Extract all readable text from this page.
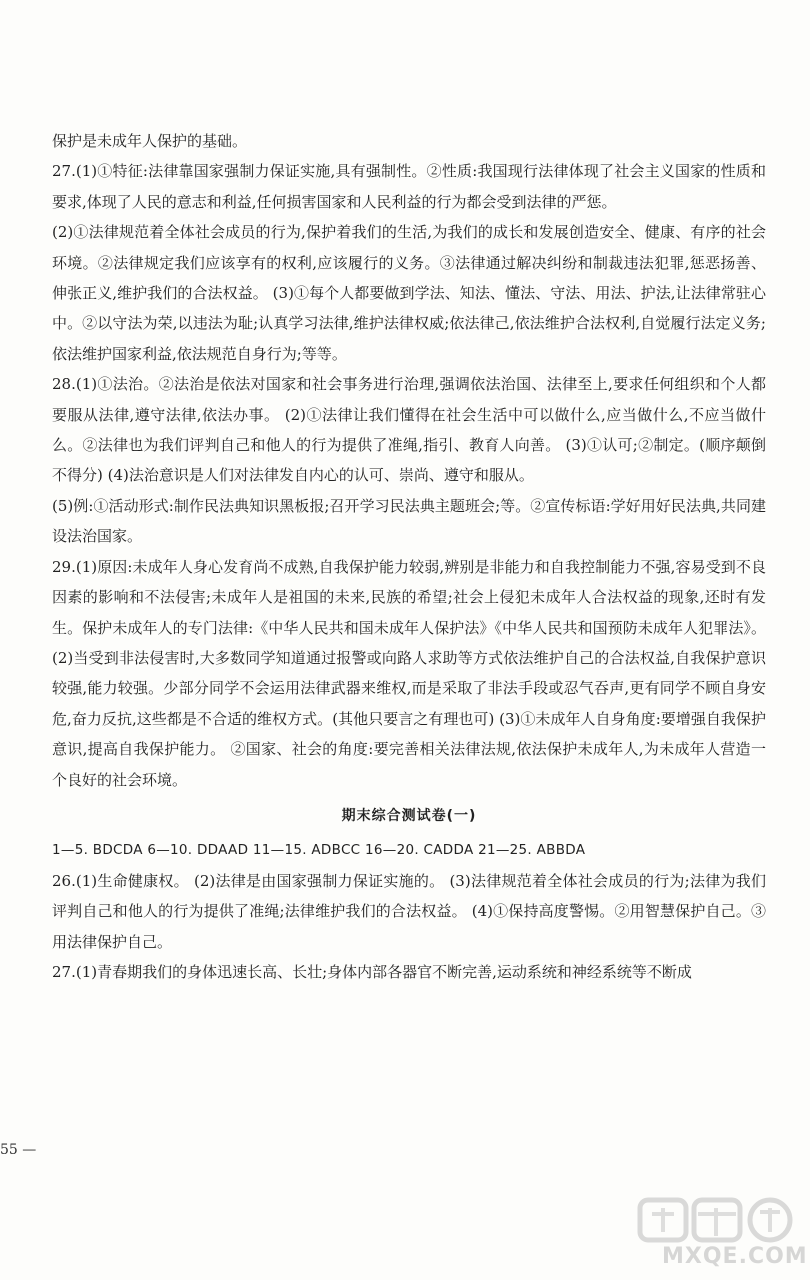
保护是未成年人保护的基础。

27.(1)①特征:法律靠国家强制力保证实施,具有强制性。②性质:我国现行法律体现了社会主义国家的性质和要求,体现了人民的意志和利益,任何损害国家和人民利益的行为都会受到法律的严惩。

(2)①法律规范着全体社会成员的行为,保护着我们的生活,为我们的成长和发展创造安全、健康、有序的社会环境。②法律规定我们应该享有的权利,应该履行的义务。③法律通过解决纠纷和制裁违法犯罪,惩恶扬善、伸张正义,维护我们的合法权益。 (3)①每个人都要做到学法、知法、懂法、守法、用法、护法,让法律常驻心中。②以守法为荣,以违法为耻;认真学习法律,维护法律权威;依法律己,依法维护合法权利,自觉履行法定义务;依法维护国家利益,依法规范自身行为;等等。

28.(1)①法治。②法治是依法对国家和社会事务进行治理,强调依法治国、法律至上,要求任何组织和个人都要服从法律,遵守法律,依法办事。 (2)①法律让我们懂得在社会生活中可以做什么,应当做什么,不应当做什么。②法律也为我们评判自己和他人的行为提供了准绳,指引、教育人向善。 (3)①认可;②制定。(顺序颠倒不得分) (4)法治意识是人们对法律发自内心的认可、崇尚、遵守和服从。

(5)例:①活动形式:制作民法典知识黑板报;召开学习民法典主题班会;等。②宣传标语:学好用好民法典,共同建设法治国家。

29.(1)原因:未成年人身心发育尚不成熟,自我保护能力较弱,辨别是非能力和自我控制能力不强,容易受到不良因素的影响和不法侵害;未成年人是祖国的未来,民族的希望;社会上侵犯未成年人合法权益的现象,还时有发生。保护未成年人的专门法律:《中华人民共和国未成年人保护法》《中华人民共和国预防未成年人犯罪法》。 (2)当受到非法侵害时,大多数同学知道通过报警或向路人求助等方式依法维护自己的合法权益,自我保护意识较强,能力较强。少部分同学不会运用法律武器来维权,而是采取了非法手段或忍气吞声,更有同学不顾自身安危,奋力反抗,这些都是不合适的维权方式。(其他只要言之有理也可) (3)①未成年人自身角度:要增强自我保护意识,提高自我保护能力。 ②国家、社会的角度:要完善相关法律法规,依法保护未成年人,为未成年人营造一个良好的社会环境。

期末综合测试卷(一)

1—5. BDCDA 6—10. DDAAD 11—15. ADBCC 16—20. CADDA 21—25. ABBDA

26.(1)生命健康权。 (2)法律是由国家强制力保证实施的。 (3)法律规范着全体社会成员的行为;法律为我们评判自己和他人的行为提供了准绳;法律维护我们的合法权益。 (4)①保持高度警惕。②用智慧保护自己。③用法律保护自己。

27.(1)青春期我们的身体迅速长高、长壮;身体内部各器官不断完善,运动系统和神经系统等不断成

55 —
MXQE.COM
